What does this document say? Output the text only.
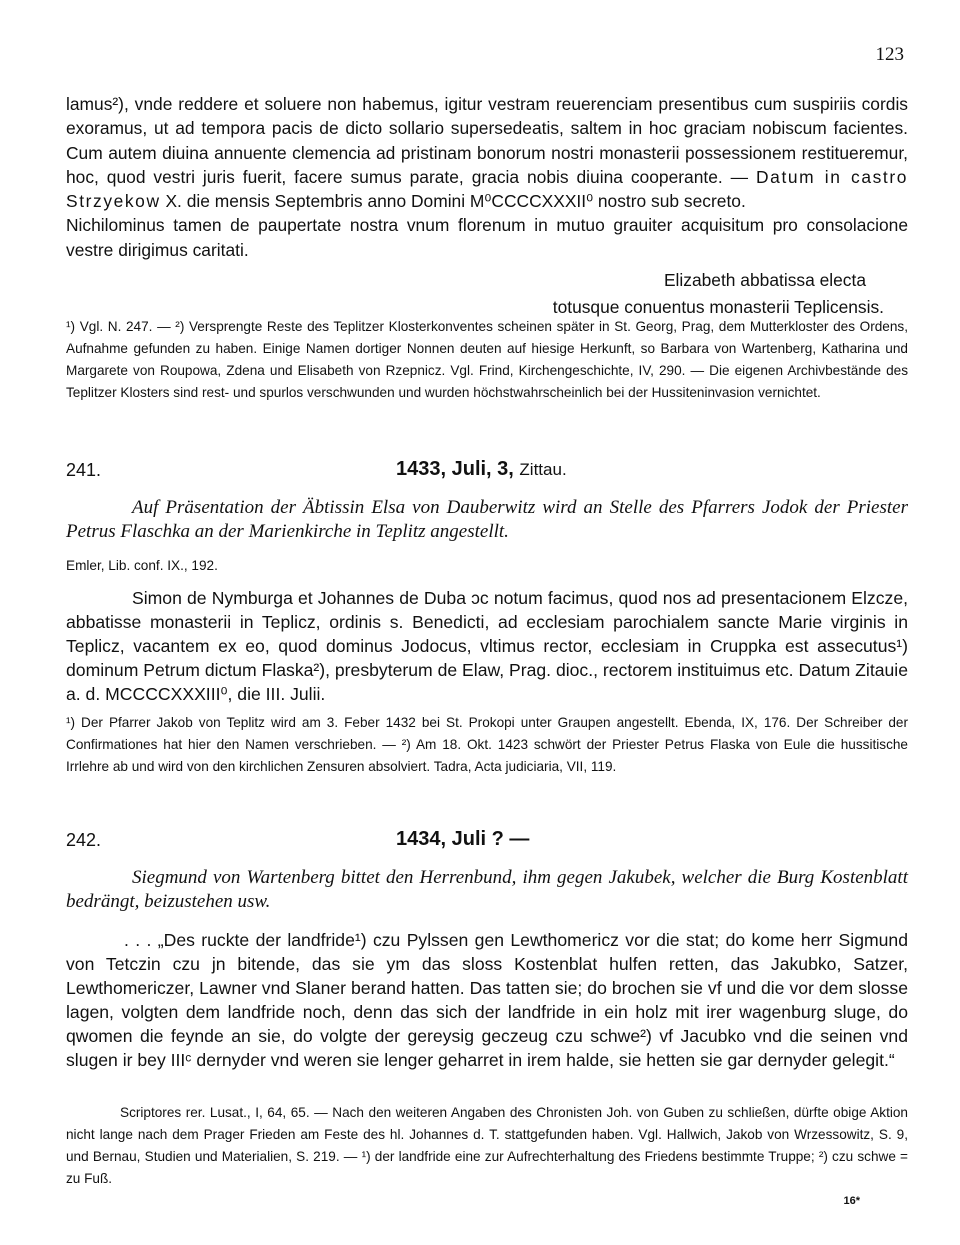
123

lamus²), vnde reddere et soluere non habemus, igitur vestram reuerenciam presentibus cum suspiriis cordis exoramus, ut ad tempora pacis de dicto sollario supersedeatis, saltem in hoc graciam nobiscum facientes. Cum autem diuina annuente clemencia ad pristinam bonorum nostri monasterii possessionem restitueremur, hoc, quod vestri juris fuerit, facere sumus parate, gracia nobis diuina cooperante. — Datum in castro Strzyekow X. die mensis Septembris anno Domini M⁰CCCCXXXII⁰ nostro sub secreto.

Nichilominus tamen de paupertate nostra vnum florenum in mutuo grauiter acquisitum pro consolacione vestre dirigimus caritati.

Elizabeth abbatissa electa
totusque conuentus monasterii Teplicensis.

¹) Vgl. N. 247. — ²) Versprengte Reste des Teplitzer Klosterkonventes scheinen später in St. Georg, Prag, dem Mutterkloster des Ordens, Aufnahme gefunden zu haben. Einige Namen dortiger Nonnen deuten auf hiesige Herkunft, so Barbara von Wartenberg, Katharina und Margarete von Roupowa, Zdena und Elisabeth von Rzepnicz. Vgl. Frind, Kirchengeschichte, IV, 290. — Die eigenen Archivbestände des Teplitzer Klosters sind rest- und spurlos verschwunden und wurden höchstwahrscheinlich bei der Hussiteninvasion vernichtet.

241.	1433, Juli, 3, Zittau.

Auf Präsentation der Äbtissin Elsa von Dauberwitz wird an Stelle des Pfarrers Jodok der Priester Petrus Flaschka an der Marienkirche in Teplitz angestellt.

Emler, Lib. conf. IX., 192.

Simon de Nymburga et Johannes de Duba ɔc notum facimus, quod nos ad presentacionem Elzcze, abbatisse monasterii in Teplicz, ordinis s. Benedicti, ad ecclesiam parochialem sancte Marie virginis in Teplicz, vacantem ex eo, quod dominus Jodocus, vltimus rector, ecclesiam in Cruppka est assecutus¹) dominum Petrum dictum Flaska²), presbyterum de Elaw, Prag. dioc., rectorem instituimus etc. Datum Zitauie a. d. MCCCCXXXIII⁰, die III. Julii.

¹) Der Pfarrer Jakob von Teplitz wird am 3. Feber 1432 bei St. Prokopi unter Graupen angestellt. Ebenda, IX, 176. Der Schreiber der Confirmationes hat hier den Namen verschrieben. — ²) Am 18. Okt. 1423 schwört der Priester Petrus Flaska von Eule die hussitische Irrlehre ab und wird von den kirchlichen Zensuren absolviert. Tadra, Acta judiciaria, VII, 119.

242.	1434, Juli ? —

Siegmund von Wartenberg bittet den Herrenbund, ihm gegen Jakubek, welcher die Burg Kostenblatt bedrängt, beizustehen usw.

. . . „Des ruckte der landfride¹) czu Pylssen gen Lewthomericz vor die stat; do kome herr Sigmund von Tetczin czu jn bitende, das sie ym das sloss Kostenblat hulfen retten, das Jakubko, Satzer, Lewthomericzer, Lawner vnd Slaner berand hatten. Das tatten sie; do brochen sie vf und die vor dem slosse lagen, volgten dem landfride noch, denn das sich der landfride in ein holz mit irer wagenburg sluge, do qwomen die feynde an sie, do volgte der gereysig geczeug czu schwe²) vf Jacubko vnd die seinen vnd slugen ir bey IIIᶜ dernyder vnd weren sie lenger geharret in irem halde, sie hetten sie gar dernyder gelegit.“

Scriptores rer. Lusat., I, 64, 65. — Nach den weiteren Angaben des Chronisten Joh. von Guben zu schließen, dürfte obige Aktion nicht lange nach dem Prager Frieden am Feste des hl. Johannes d. T. stattgefunden haben. Vgl. Hallwich, Jakob von Wrzessowitz, S. 9, und Bernau, Studien und Materialien, S. 219. — ¹) der landfride eine zur Aufrechterhaltung des Friedens bestimmte Truppe; ²) czu schwe = zu Fuß.

16*
